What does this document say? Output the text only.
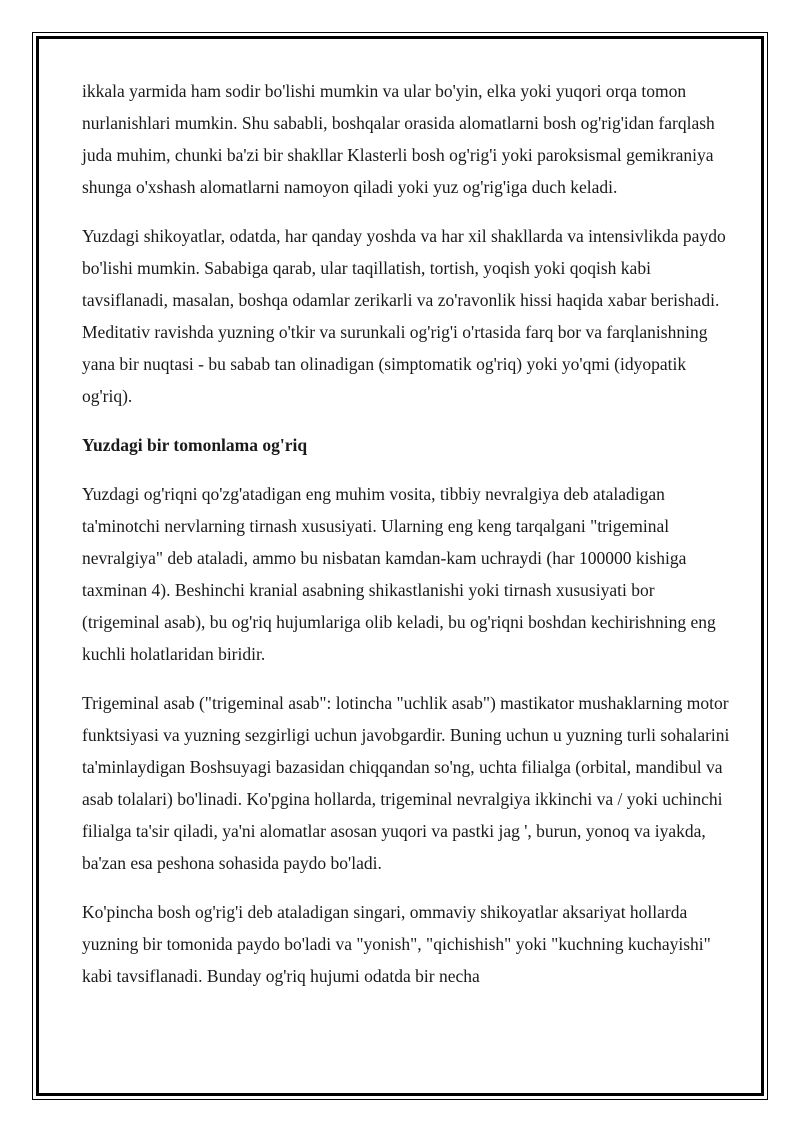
ikkala yarmida ham sodir bo'lishi mumkin va ular bo'yin, elka yoki yuqori orqa tomon nurlanishlari mumkin. Shu sababli, boshqalar orasida alomatlarni bosh og'rig'idan farqlash juda muhim, chunki ba'zi bir shakllar Klasterli bosh og'rig'i yoki paroksismal gemikraniya shunga o'xshash alomatlarni namoyon qiladi yoki yuz og'rig'iga duch keladi.

Yuzdagi shikoyatlar, odatda, har qanday yoshda va har xil shakllarda va intensivlikda paydo bo'lishi mumkin. Sababiga qarab, ular taqillatish, tortish, yoqish yoki qoqish kabi tavsiflanadi, masalan, boshqa odamlar zerikarli va zo'ravonlik hissi haqida xabar berishadi. Meditativ ravishda yuzning o'tkir va surunkali og'rig'i o'rtasida farq bor va farqlanishning yana bir nuqtasi - bu sabab tan olinadigan (simptomatik og'riq) yoki yo'qmi (idyopatik og'riq).

Yuzdagi bir tomonlama og'riq

Yuzdagi og'riqni qo'zg'atadigan eng muhim vosita, tibbiy nevralgiya deb ataladigan ta'minotchi nervlarning tirnash xususiyati. Ularning eng keng tarqalgani "trigeminal nevralgiya" deb ataladi, ammo bu nisbatan kamdan-kam uchraydi (har 100000 kishiga taxminan 4). Beshinchi kranial asabning shikastlanishi yoki tirnash xususiyati bor (trigeminal asab), bu og'riq hujumlariga olib keladi, bu og'riqni boshdan kechirishning eng kuchli holatlaridan biridir.

Trigeminal asab ("trigeminal asab": lotincha "uchlik asab") mastikator mushaklarning motor funktsiyasi va yuzning sezgirligi uchun javobgardir. Buning uchun u yuzning turli sohalarini ta'minlaydigan Boshsuyagi bazasidan chiqqandan so'ng, uchta filialga (orbital, mandibul va asab tolalari) bo'linadi. Ko'pgina hollarda, trigeminal nevralgiya ikkinchi va / yoki uchinchi filialga ta'sir qiladi, ya'ni alomatlar asosan yuqori va pastki jag ', burun, yonoq va iyakda, ba'zan esa peshona sohasida paydo bo'ladi.

Ko'pincha bosh og'rig'i deb ataladigan singari, ommaviy shikoyatlar aksariyat hollarda yuzning bir tomonida paydo bo'ladi va "yonish", "qichishish" yoki "kuchning kuchayishi" kabi tavsiflanadi. Bunday og'riq hujumi odatda bir necha
